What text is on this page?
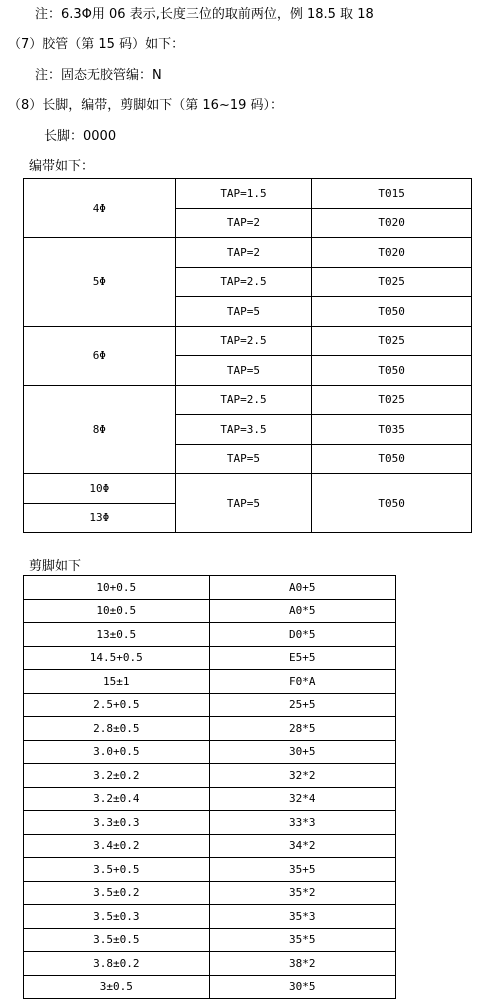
注：6.3Φ用 06 表示,长度三位的取前两位，例 18.5 取 18
（7）胶管（第 15 码）如下：
注：固态无胶管编：N
（8）长脚，编带，剪脚如下（第 16~19 码）：
长脚：0000
编带如下：
4Φ	TAP=1.5	T015
	TAP=2	T020
5Φ	TAP=2	T020
	TAP=2.5	T025
	TAP=5	T050
6Φ	TAP=2.5	T025
	TAP=5	T050
8Φ	TAP=2.5	T025
	TAP=3.5	T035
	TAP=5	T050
10Φ	TAP=5	T050
13Φ		
剪脚如下
10+0.5	A0+5
10±0.5	A0*5
13±0.5	D0*5
14.5+0.5	E5+5
15±1	F0*A
2.5+0.5	25+5
2.8±0.5	28*5
3.0+0.5	30+5
3.2±0.2	32*2
3.2±0.4	32*4
3.3±0.3	33*3
3.4±0.2	34*2
3.5+0.5	35+5
3.5±0.2	35*2
3.5±0.3	35*3
3.5±0.5	35*5
3.8±0.2	38*2
3±0.5	30*5
